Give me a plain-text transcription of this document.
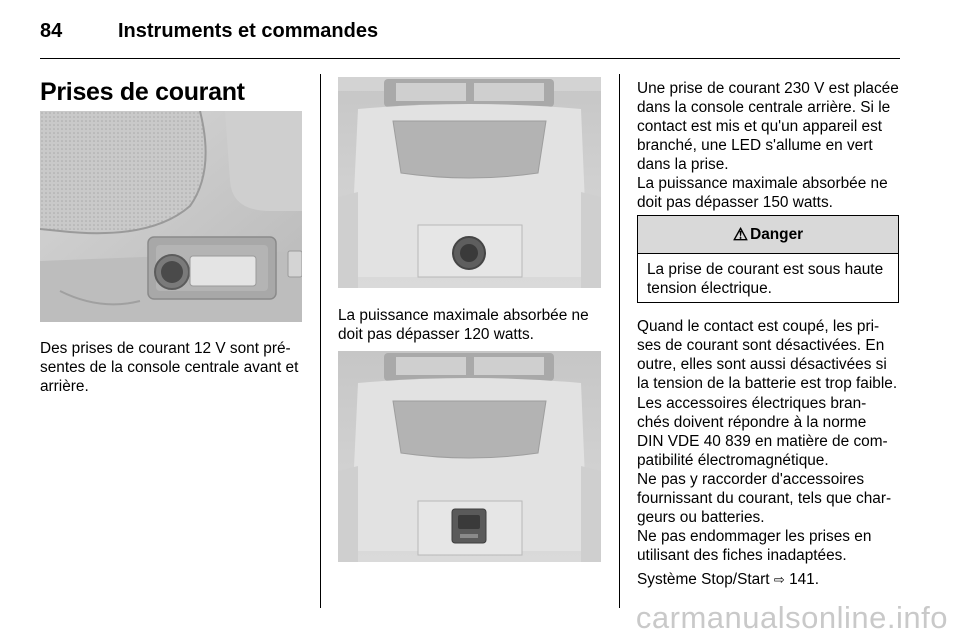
84	Instruments et commandes
Prises de courant

Des prises de courant 12 V sont pré-
sentes de la console centrale avant et
arrière.

La puissance maximale absorbée ne
doit pas dépasser 120 watts.

Une prise de courant 230 V est placée
dans la console centrale arrière. Si le
contact est mis et qu'un appareil est
branché, une LED s'allume en vert
dans la prise.

La puissance maximale absorbée ne
doit pas dépasser 150 watts.

⚠ Danger
La prise de courant est sous haute
tension électrique.

Quand le contact est coupé, les pri-
ses de courant sont désactivées. En
outre, elles sont aussi désactivées si
la tension de la batterie est trop faible.

Les accessoires électriques bran-
chés doivent répondre à la norme
DIN VDE 40 839 en matière de com-
patibilité électromagnétique.

Ne pas y raccorder d'accessoires
fournissant du courant, tels que char-
geurs ou batteries.

Ne pas endommager les prises en
utilisant des fiches inadaptées.

Système Stop/Start ⇨ 141.

carmanualsonline.info
